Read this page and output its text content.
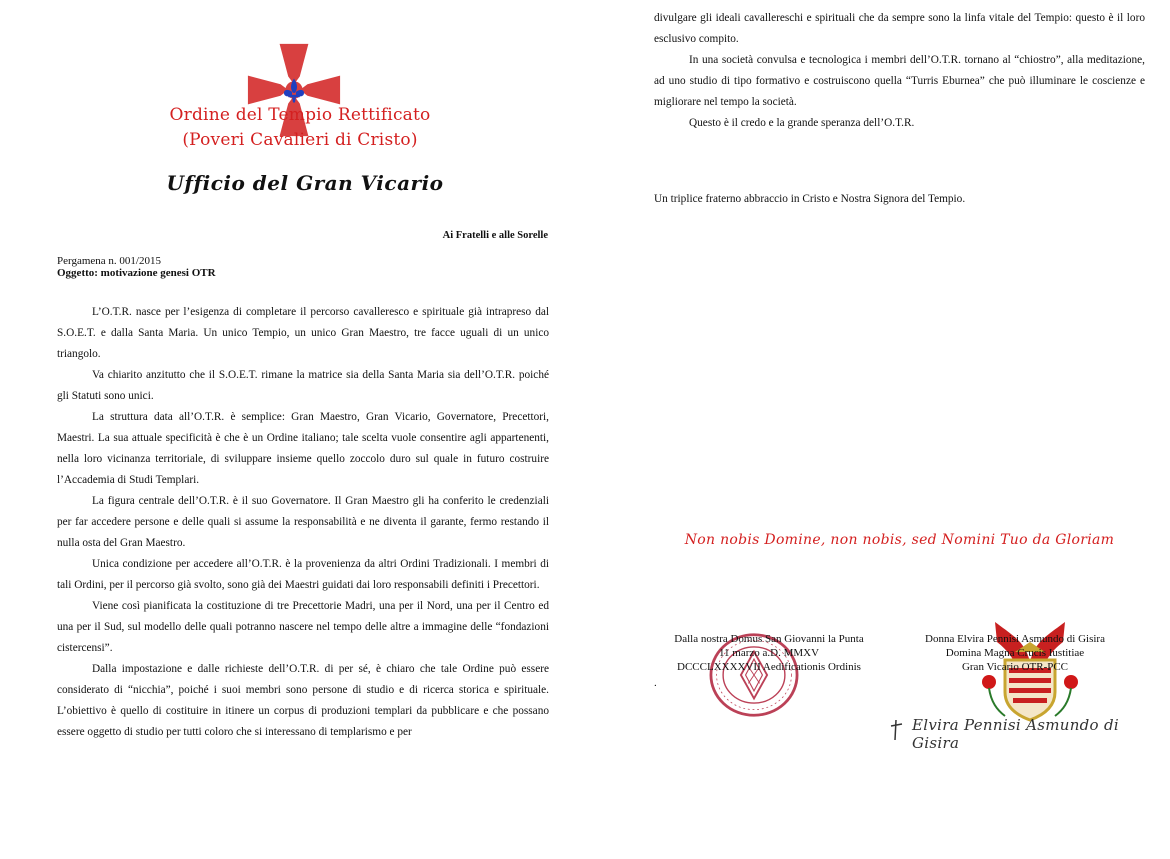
Ordine del Tempio Rettificato
(Poveri Cavalieri di Cristo)
Ufficio del Gran Vicario
Ai Fratelli e alle Sorelle
Pergamena n. 001/2015
Oggetto: motivazione genesi OTR

L’O.T.R. nasce per l’esigenza di completare il percorso cavalleresco e spirituale già intrapreso dal S.O.E.T. e dalla Santa Maria. Un unico Tempio, un unico Gran Maestro, tre facce uguali di un unico triangolo.

Va chiarito anzitutto che il S.O.E.T. rimane la matrice sia della Santa Maria sia dell’O.T.R. poiché gli Statuti sono unici.

La struttura data all’O.T.R. è semplice: Gran Maestro, Gran Vicario, Governatore, Precettori, Maestri. La sua attuale specificità è che è un Ordine italiano; tale scelta vuole consentire agli appartenenti, nella loro vicinanza territoriale, di sviluppare insieme quello zoccolo duro sul quale in futuro costruire l’Accademia di Studi Templari.

La figura centrale dell’O.T.R. è il suo Governatore. Il Gran Maestro gli ha conferito le credenziali per far accedere persone e delle quali si assume la responsabilità e ne diventa il garante, fermo restando il nulla osta del Gran Maestro.

Unica condizione per accedere all’O.T.R. è la provenienza da altri Ordini Tradizionali. I membri di tali Ordini, per il percorso già svolto, sono già dei Maestri guidati dai loro responsabili definiti i Precettori.

Viene così pianificata la costituzione di tre Precettorie Madri, una per il Nord, una per il Centro ed una per il Sud, sul modello delle quali potranno nascere nel tempo delle altre a immagine delle “fondazioni cistercensi”.

Dalla impostazione e dalle richieste dell’O.T.R. di per sé, è chiaro che tale Ordine può essere considerato di “nicchia”, poiché i suoi membri sono persone di studio e di ricerca storica e spirituale. L’obiettivo è quello di costituire in itinere un corpus di produzioni templari da pubblicare e che possano essere oggetto di studio per tutti coloro che si interessano di templarismo e per

divulgare gli ideali cavallereschi e spirituali che da sempre sono la linfa vitale del Tempio: questo è il loro esclusivo compito.

In una società convulsa e tecnologica i membri dell’O.T.R. tornano al “chiostro”, alla meditazione, ad uno studio di tipo formativo e costruiscono quella “Turris Eburnea” che può illuminare le coscienze e migliorare nel tempo la società.

Questo è il credo e la grande speranza dell’O.T.R.

Un triplice fraterno abbraccio in Cristo e Nostra Signora del Tempio.
Non nobis Domine, non nobis, sed Nomini Tuo da Gloriam
Dalla nostra Domus San Giovanni la Punta
11 marzo a.D. MMXV
DCCCLXXXXVII Aedificationis Ordinis
.
Donna Elvira Pennisi Asmundo di Gisira
Domina Magna Crucis Iustitiae
Gran Vicario OTR-PCC
Elvira Pennisi Asmundo di Gisira
